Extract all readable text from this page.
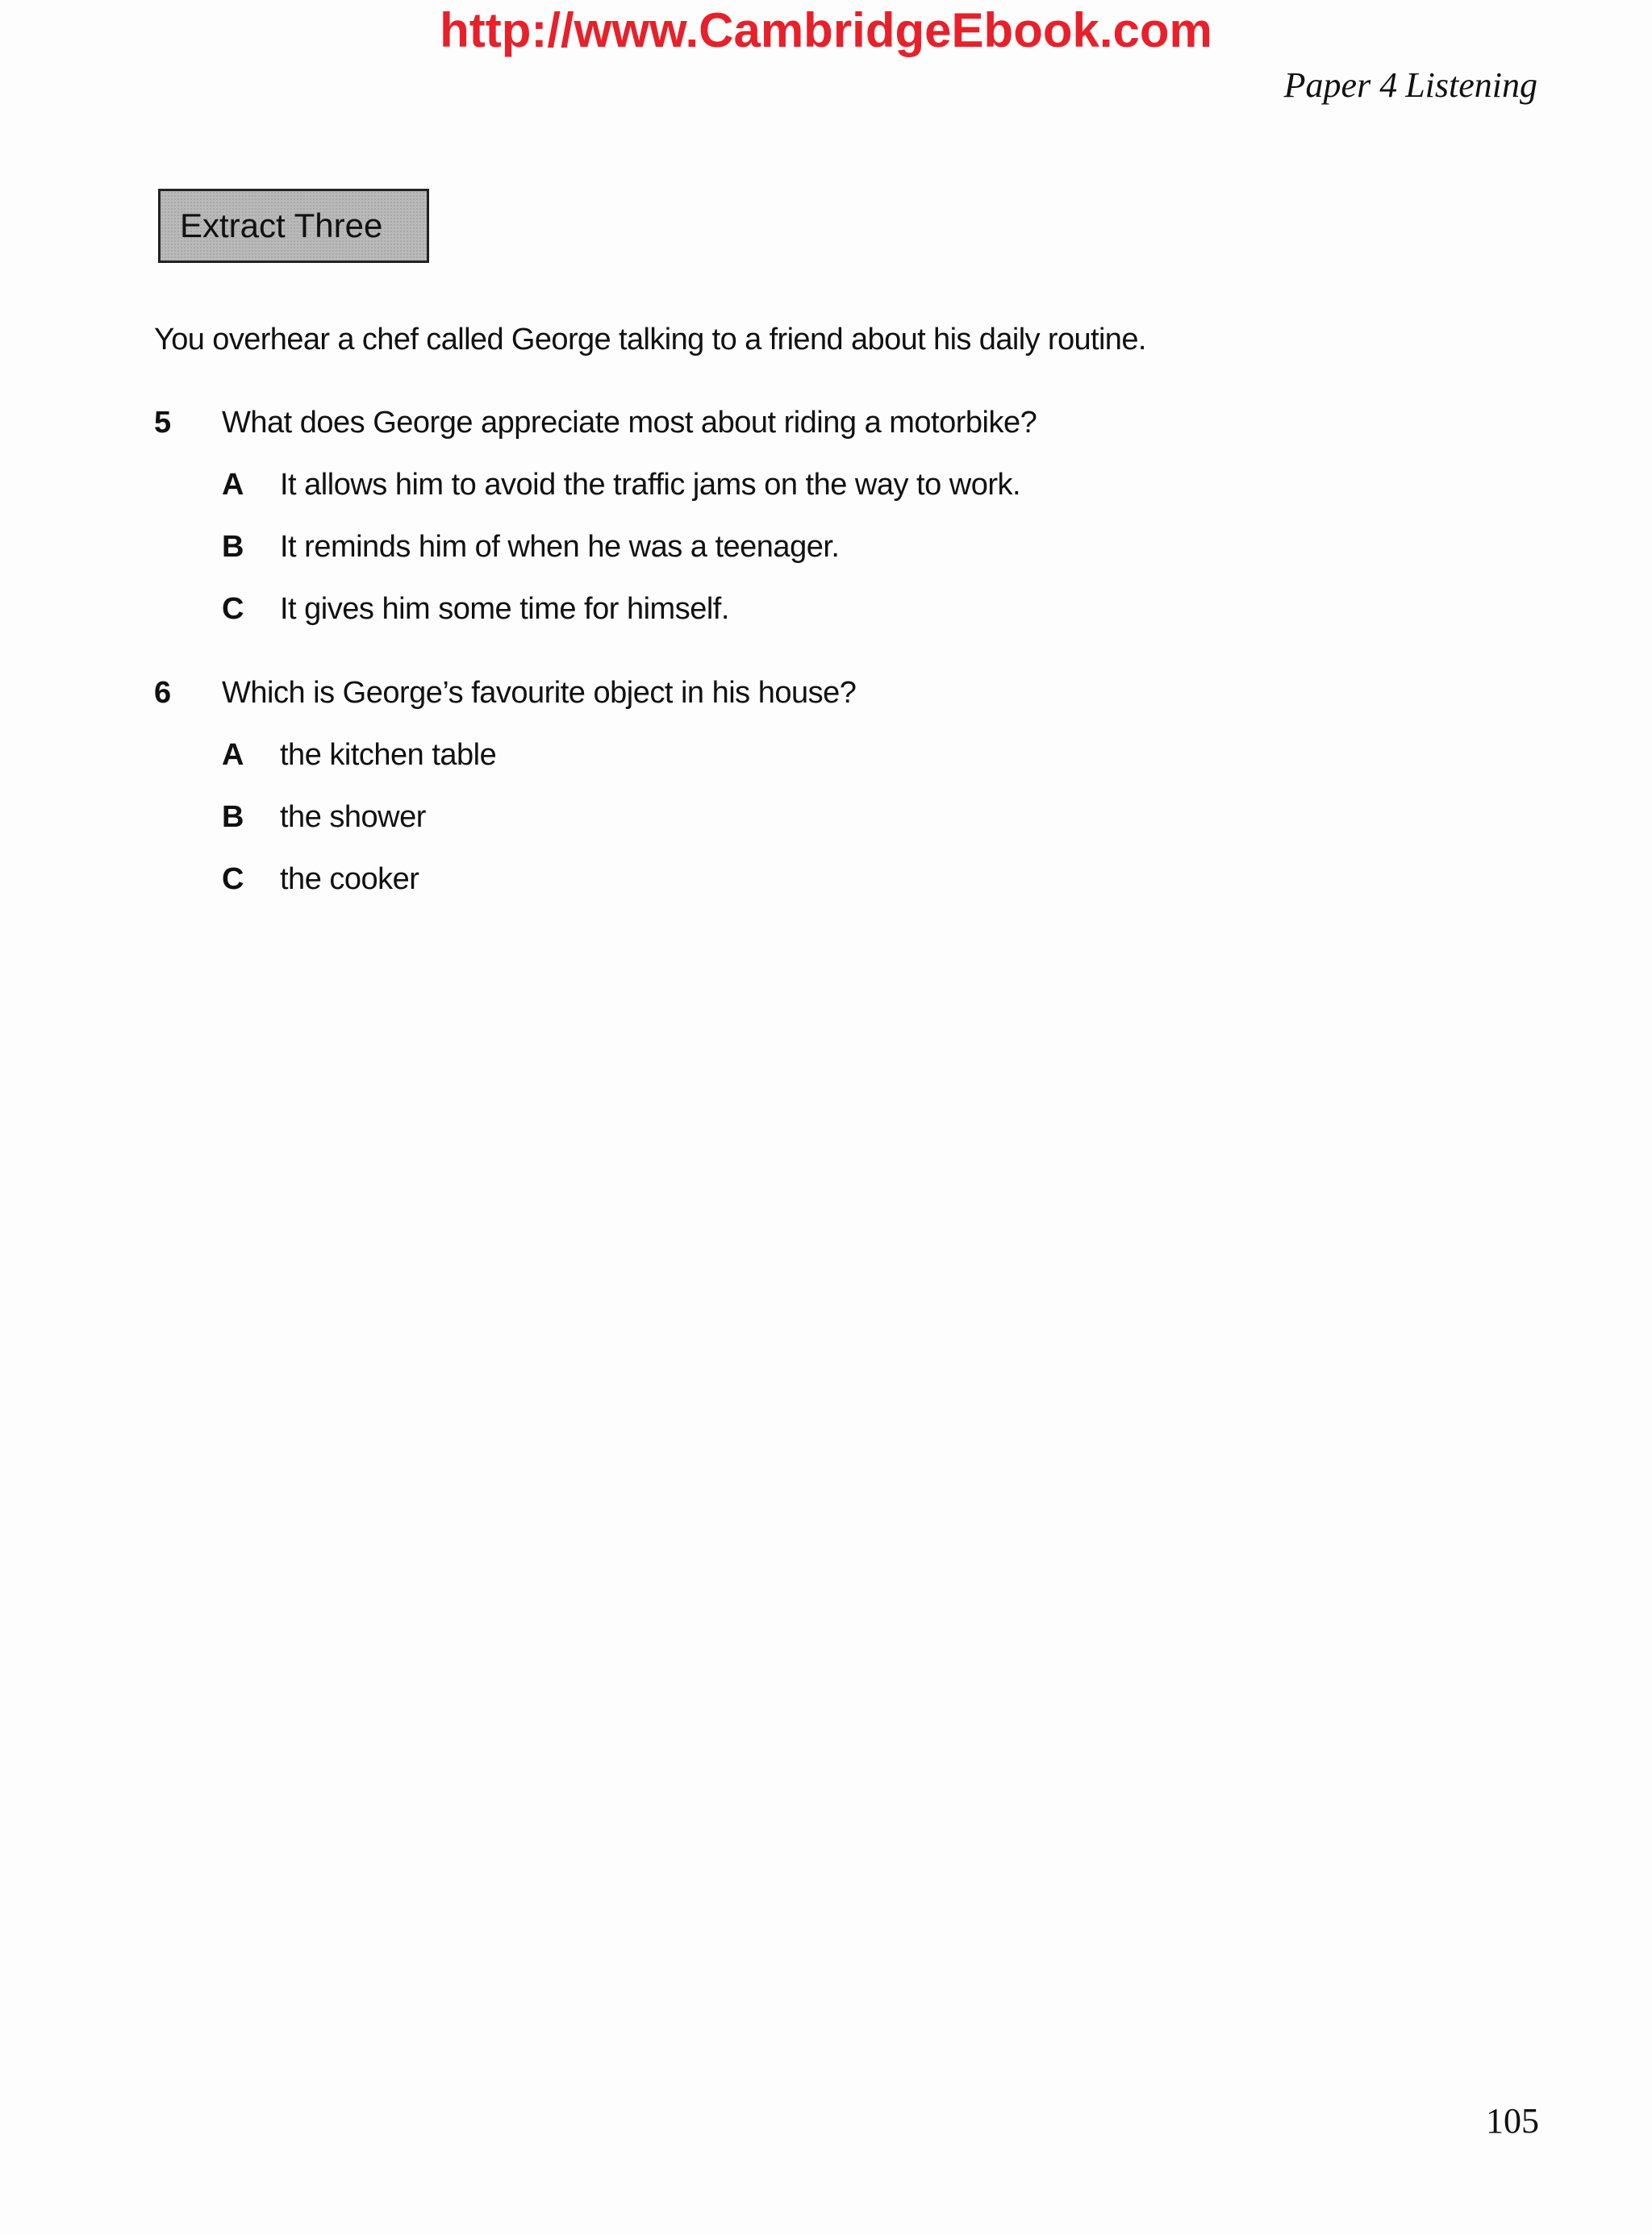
http://www.CambridgeEbook.com
Paper 4 Listening
Extract Three
You overhear a chef called George talking to a friend about his daily routine.
5 What does George appreciate most about riding a motorbike?
A It allows him to avoid the traffic jams on the way to work.
B It reminds him of when he was a teenager.
C It gives him some time for himself.
6 Which is George’s favourite object in his house?
A the kitchen table
B the shower
C the cooker
105
